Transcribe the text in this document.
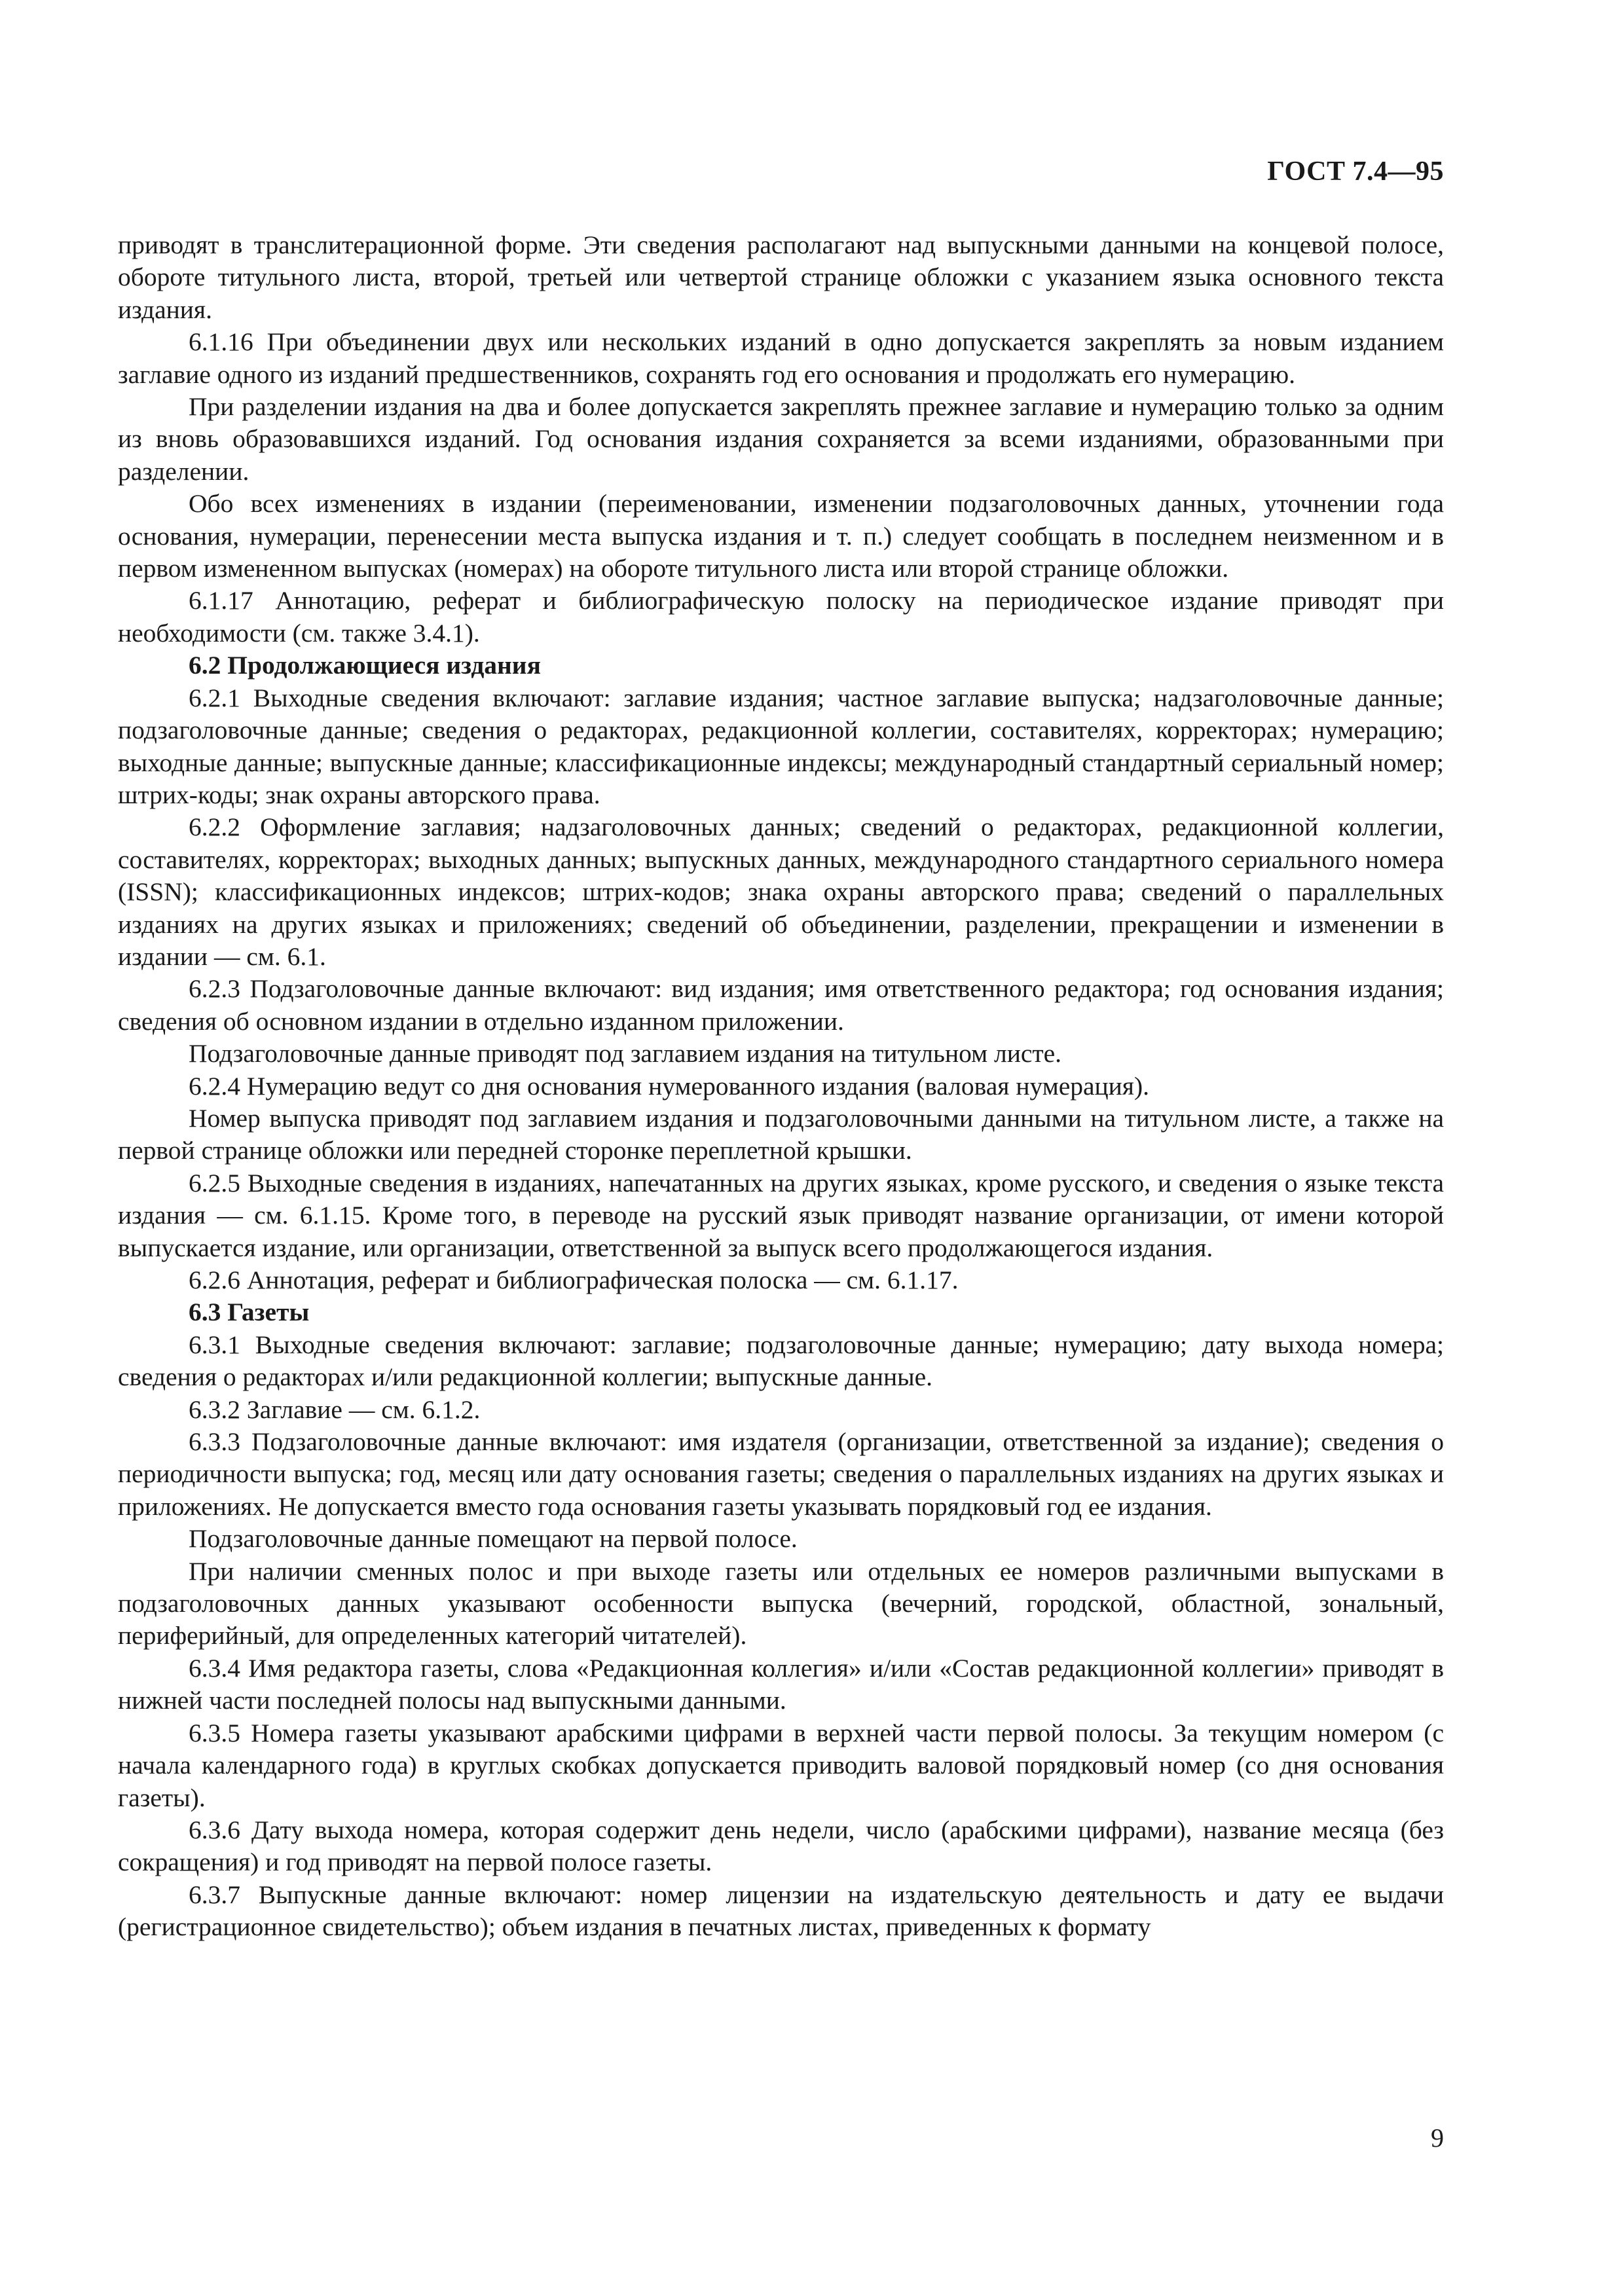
ГОСТ 7.4—95

приводят в транслитерационной форме. Эти сведения располагают над выпускными данными на концевой полосе, обороте титульного листа, второй, третьей или четвертой странице обложки с указанием языка основного текста издания.

6.1.16 При объединении двух или нескольких изданий в одно допускается закреплять за новым изданием заглавие одного из изданий предшественников, сохранять год его основания и продолжать его нумерацию.

При разделении издания на два и более допускается закреплять прежнее заглавие и нумерацию только за одним из вновь образовавшихся изданий. Год основания издания сохраняется за всеми изданиями, образованными при разделении.

Обо всех изменениях в издании (переименовании, изменении подзаголовочных данных, уточнении года основания, нумерации, перенесении места выпуска издания и т. п.) следует сообщать в последнем неизменном и в первом измененном выпусках (номерах) на обороте титульного листа или второй странице обложки.

6.1.17 Аннотацию, реферат и библиографическую полоску на периодическое издание приводят при необходимости (см. также 3.4.1).

6.2 Продолжающиеся издания

6.2.1 Выходные сведения включают: заглавие издания; частное заглавие выпуска; надзаголовочные данные; подзаголовочные данные; сведения о редакторах, редакционной коллегии, составителях, корректорах; нумерацию; выходные данные; выпускные данные; классификационные индексы; международный стандартный сериальный номер; штрих-коды; знак охраны авторского права.

6.2.2 Оформление заглавия; надзаголовочных данных; сведений о редакторах, редакционной коллегии, составителях, корректорах; выходных данных; выпускных данных, международного стандартного сериального номера (ISSN); классификационных индексов; штрих-кодов; знака охраны авторского права; сведений о параллельных изданиях на других языках и приложениях; сведений об объединении, разделении, прекращении и изменении в издании — см. 6.1.

6.2.3 Подзаголовочные данные включают: вид издания; имя ответственного редактора; год основания издания; сведения об основном издании в отдельно изданном приложении.

Подзаголовочные данные приводят под заглавием издания на титульном листе.

6.2.4 Нумерацию ведут со дня основания нумерованного издания (валовая нумерация).

Номер выпуска приводят под заглавием издания и подзаголовочными данными на титульном листе, а также на первой странице обложки или передней сторонке переплетной крышки.

6.2.5 Выходные сведения в изданиях, напечатанных на других языках, кроме русского, и сведения о языке текста издания — см. 6.1.15. Кроме того, в переводе на русский язык приводят название организации, от имени которой выпускается издание, или организации, ответственной за выпуск всего продолжающегося издания.

6.2.6 Аннотация, реферат и библиографическая полоска — см. 6.1.17.

6.3 Газеты

6.3.1 Выходные сведения включают: заглавие; подзаголовочные данные; нумерацию; дату выхода номера; сведения о редакторах и/или редакционной коллегии; выпускные данные.

6.3.2 Заглавие — см. 6.1.2.

6.3.3 Подзаголовочные данные включают: имя издателя (организации, ответственной за издание); сведения о периодичности выпуска; год, месяц или дату основания газеты; сведения о параллельных изданиях на других языках и приложениях. Не допускается вместо года основания газеты указывать порядковый год ее издания.

Подзаголовочные данные помещают на первой полосе.

При наличии сменных полос и при выходе газеты или отдельных ее номеров различными выпусками в подзаголовочных данных указывают особенности выпуска (вечерний, городской, областной, зональный, периферийный, для определенных категорий читателей).

6.3.4 Имя редактора газеты, слова «Редакционная коллегия» и/или «Состав редакционной коллегии» приводят в нижней части последней полосы над выпускными данными.

6.3.5 Номера газеты указывают арабскими цифрами в верхней части первой полосы. За текущим номером (с начала календарного года) в круглых скобках допускается приводить валовой порядковый номер (со дня основания газеты).

6.3.6 Дату выхода номера, которая содержит день недели, число (арабскими цифрами), название месяца (без сокращения) и год приводят на первой полосе газеты.

6.3.7 Выпускные данные включают: номер лицензии на издательскую деятельность и дату ее выдачи (регистрационное свидетельство); объем издания в печатных листах, приведенных к формату

9
